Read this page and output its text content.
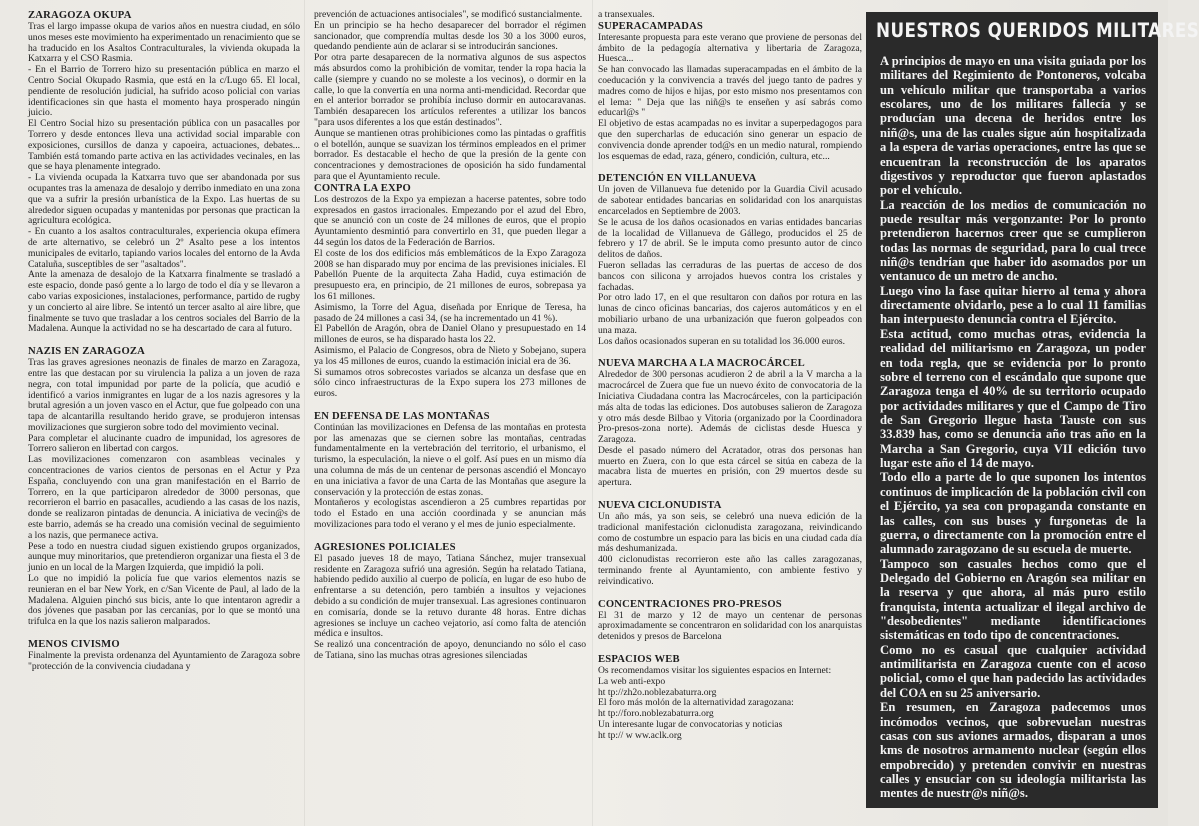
ZARAGOZA OKUPA

Tras el largo impasse okupa de varios años en nuestra ciudad, en sólo unos meses este movimiento ha experimentado un renacimiento que se ha traducido en los Asaltos Contraculturales, la vivienda okupada la Katxarra y el CSO Rasmia.

- En el Barrio de Torrero hizo su presentación pública en marzo el Centro Social Okupado Rasmia, que está en la c/Lugo 65. El local, pendiente de resolución judicial, ha sufrido acoso policial con varias identificaciones sin que hasta el momento haya prosperado ningún juicio.

El Centro Social hizo su presentación pública con un pasacalles por Torrero y desde entonces lleva una actividad social imparable con exposiciones, cursillos de danza y capoeira, actuaciones, debates... También está tomando parte activa en las actividades vecinales, en las que se haya plenamente integrado.

- La vivienda ocupada la Katxarra tuvo que ser abandonada por sus ocupantes tras la amenaza de desalojo y derribo inmediato en una zona que va a sufrir la presión urbanística de la Expo. Las huertas de su alrededor siguen ocupadas y mantenidas por personas que practican la agricultura ecológica.

- En cuanto a los asaltos contraculturales, experiencia okupa efímera de arte alternativo, se celebró un 2º Asalto pese a los intentos municipales de evitarlo, tapiando varios locales del entorno de la Avda Cataluña, susceptibles de ser "asaltados".

Ante la amenaza de desalojo de la Katxarra finalmente se trasladó a este espacio, donde pasó gente a lo largo de todo el día y se llevaron a cabo varias exposiciones, instalaciones, performance, partido de rugby y un concierto al aire libre. Se intentó un tercer asalto al aire libre, que finalmente se tuvo que trasladar a los centros sociales del Barrio de la Madalena. Aunque la actividad no se ha descartado de cara al futuro.

NAZIS EN ZARAGOZA

Tras las graves agresiones neonazis de finales de marzo en Zaragoza, entre las que destacan por su virulencia la paliza a un joven de raza negra, con total impunidad por parte de la policía, que acudió e identificó a varios inmigrantes en lugar de a los nazis agresores y la brutal agresión a un joven vasco en el Actur, que fue golpeado con una tapa de alcantarilla resultando herido grave, se produjeron intensas movilizaciones que surgieron sobre todo del movimiento vecinal.

Para completar el alucinante cuadro de impunidad, los agresores de Torrero salieron en libertad con cargos.

Las movilizaciones comenzaron con asambleas vecinales y concentraciones de varios cientos de personas en el Actur y Pza España, concluyendo con una gran manifestación en el Barrio de Torrero, en la que participaron alrededor de 3000 personas, que recorrieron el barrio en pasacalles, acudiendo a las casas de los nazis, donde se realizaron pintadas de denuncia. A iniciativa de vecin@s de este barrio, además se ha creado una comisión vecinal de seguimiento a los nazis, que permanece activa.

Pese a todo en nuestra ciudad siguen existiendo grupos organizados, aunque muy minoritarios, que pretendieron organizar una fiesta el 3 de junio en un local de la Margen Izquierda, que impidió la poli.

Lo que no impidió la policía fue que varios elementos nazis se reunieran en el bar New York, en c/San Vicente de Paul, al lado de la Madalena. Alguien pinchó sus bicis, ante lo que intentaron agredir a dos jóvenes que pasaban por las cercanías, por lo que se montó una trifulca en la que los nazis salieron malparados.

MENOS CIVISMO

Finalmente la prevista ordenanza del Ayuntamiento de Zaragoza sobre "protección de la convivencia ciudadana y

prevención de actuaciones antisociales", se modificó sustancialmente.

En un principio se ha hecho desaparecer del borrador el régimen sancionador, que comprendía multas desde los 30 a los 3000 euros, quedando pendiente aún de aclarar si se introducirán sanciones.

Por otra parte desaparecen de la normativa algunos de sus aspectos más absurdos como la prohibición de vomitar, tender la ropa hacia la calle (siempre y cuando no se moleste a los vecinos), o dormir en la calle, lo que la convertía en una norma anti-mendicidad. Recordar que en el anterior borrador se prohibía incluso dormir en autocaravanas. También desaparecen los artículos referentes a utilizar los bancos "para usos diferentes a los que están destinados".

Aunque se mantienen otras prohibiciones como las pintadas o graffitis o el botellón, aunque se suavizan los términos empleados en el primer borrador. Es destacable el hecho de que la presión de la gente con concentraciones y demostraciones de oposición ha sido fundamental para que el Ayuntamiento recule.

CONTRA LA EXPO

Los destrozos de la Expo ya empiezan a hacerse patentes, sobre todo expresados en gastos irracionales. Empezando por el azud del Ebro, que se anunció con un coste de 24 millones de euros, que el propio Ayuntamiento desmintió para convertirlo en 31, que pueden llegar a 44 según los datos de la Federación de Barrios.

El coste de los dos edificios más emblemáticos de la Expo Zaragoza 2008 se han disparado muy por encima de las previsiones iniciales. El Pabellón Puente de la arquitecta Zaha Hadid, cuya estimación de presupuesto era, en principio, de 21 millones de euros, sobrepasa ya los 61 millones.

Asimismo, la Torre del Agua, diseñada por Enrique de Teresa, ha pasado de 24 millones a casi 34, (se ha incrementado un 41 %).

El Pabellón de Aragón, obra de Daniel Olano y presupuestado en 14 millones de euros, se ha disparado hasta los 22.

Asimismo, el Palacio de Congresos, obra de Nieto y Sobejano, supera ya los 45 millones de euros, cuando la estimación inicial era de 36.

Si sumamos otros sobrecostes variados se alcanza un desfase que en sólo cinco infraestructuras de la Expo supera los 273 millones de euros.

EN DEFENSA DE LAS MONTAÑAS

Continúan las movilizaciones en Defensa de las montañas en protesta por las amenazas que se ciernen sobre las montañas, centradas fundamentalmente en la vertebración del territorio, el urbanismo, el turismo, la especulación, la nieve o el golf. Así pues en un mismo día una columna de más de un centenar de personas ascendió el Moncayo en una iniciativa a favor de una Carta de las Montañas que asegure la conservación y la protección de estas zonas.

Montañeros y ecologistas ascendieron a 25 cumbres repartidas por todo el Estado en una acción coordinada y se anuncian más movilizaciones para todo el verano y el mes de junio especialmente.

AGRESIONES POLICIALES

El pasado jueves 18 de mayo, Tatiana Sánchez, mujer transexual residente en Zaragoza sufrió una agresión. Según ha relatado Tatiana, habiendo pedido auxilio al cuerpo de policía, en lugar de eso hubo de enfrentarse a su detención, pero también a insultos y vejaciones debido a su condición de mujer transexual. Las agresiones continuaron en comisaría, donde se la retuvo durante 48 horas. Entre dichas agresiones se incluye un cacheo vejatorio, así como falta de atención médica e insultos.

Se realizó una concentración de apoyo, denunciando no sólo el caso de Tatiana, sino las muchas otras agresiones silenciadas

a transexuales.

SUPERACAMPADAS

Interesante propuesta para este verano que proviene de personas del ámbito de la pedagogía alternativa y libertaria de Zaragoza, Huesca...

Se han convocado las llamadas superacampadas en el ámbito de la coeducación y la convivencia a través del juego tanto de padres y madres como de hijos e hijas, por esto mismo nos presentamos con el lema: " Deja que las niñ@s te enseñen y así sabrás como educarl@s "

El objetivo de estas acampadas no es invitar a superpedagogos para que den supercharlas de educación sino generar un espacio de convivencia donde aprender tod@s en un medio natural, rompiendo los esquemas de edad, raza, género, condición, cultura, etc...

DETENCIÓN EN VILLANUEVA

Un joven de Villanueva fue detenido por la Guardia Civil acusado de sabotear entidades bancarias en solidaridad con los anarquistas encarcelados en Septiembre de 2003.

Se le acusa de los daños ocasionados en varias entidades bancarias de la localidad de Villanueva de Gállego, producidos el 25 de febrero y 17 de abril. Se le imputa como presunto autor de cinco delitos de daños.

Fueron selladas las cerraduras de las puertas de acceso de dos bancos con silicona y arrojados huevos contra los cristales y fachadas.

Por otro lado 17, en el que resultaron con daños por rotura en las lunas de cinco oficinas bancarias, dos cajeros automáticos y en el mobiliario urbano de una urbanización que fueron golpeados con una maza.

Los daños ocasionados superan en su totalidad los 36.000 euros.

NUEVA MARCHA A LA MACROCÁRCEL

Alrededor de 300 personas acudieron 2 de abril a la V marcha a la macrocárcel de Zuera que fue un nuevo éxito de convocatoria de la Iniciativa Ciudadana contra las Macrocárceles, con la participación más alta de todas las ediciones. Dos autobuses salieron de Zaragoza y otro más desde Bilbao y Vitoria (organizado por la Coordinadora Pro-presos-zona norte). Además de ciclistas desde Huesca y Zaragoza.

Desde el pasado número del Acratador, otras dos personas han muerto en Zuera, con lo que esta cárcel se sitúa en cabeza de la macabra lista de muertes en prisión, con 29 muertos desde su apertura.

NUEVA CICLONUDISTA

Un año más, ya son seis, se celebró una nueva edición de la tradicional manifestación ciclonudista zaragozana, reivindicando como de costumbre un espacio para las bicis en una ciudad cada día más deshumanizada.

400 ciclonudistas recorrieron este año las calles zaragozanas, terminando frente al Ayuntamiento, con ambiente festivo y reivindicativo.

CONCENTRACIONES PRO-PRESOS

El 31 de marzo y 12 de mayo un centenar de personas aproximadamente se concentraron en solidaridad con los anarquistas detenidos y presos de Barcelona

ESPACIOS WEB

Os recomendamos visitar los siguientes espacios en Internet:

La web anti-expo

ht tp://zh2o.noblezabaturra.org

El foro más molón de la alternatividad zaragozana:

ht tp://foro.noblezabaturra.org

Un interesante lugar de convocatorias y noticias

ht tp:// w ww.aclk.org

NUESTROS QUERIDOS MILITARES

A principios de mayo en una visita guiada por los militares del Regimiento de Pontoneros, volcaba un vehículo militar que transportaba a varios escolares, uno de los militares fallecía y se producían una decena de heridos entre los niñ@s, una de las cuales sigue aún hospitalizada a la espera de varias operaciones, entre las que se encuentran la reconstrucción de los aparatos digestivos y reproductor que fueron aplastados por el vehículo.

La reacción de los medios de comunicación no puede resultar más vergonzante: Por lo pronto pretendieron hacernos creer que se cumplieron todas las normas de seguridad, para lo cual trece niñ@s tendrían que haber ido asomados por un ventanuco de un metro de ancho.

Luego vino la fase quitar hierro al tema y ahora directamente olvidarlo, pese a lo cual 11 familias han interpuesto denuncia contra el Ejército.

Esta actitud, como muchas otras, evidencia la realidad del militarismo en Zaragoza, un poder en toda regla, que se evidencia por lo pronto sobre el terreno con el escándalo que supone que Zaragoza tenga el 40% de su territorio ocupado por actividades militares y que el Campo de Tiro de San Gregorio llegue hasta Tauste con sus 33.839 has, como se denuncia año tras año en la Marcha a San Gregorio, cuya VII edición tuvo lugar este año el 14 de mayo.

Todo ello a parte de lo que suponen los intentos continuos de implicación de la población civil con el Ejército, ya sea con propaganda constante en las calles, con sus buses y furgonetas de la guerra, o directamente con la promoción entre el alumnado zaragozano de su escuela de muerte.

Tampoco son casuales hechos como que el Delegado del Gobierno en Aragón sea militar en la reserva y que ahora, al más puro estilo franquista, intenta actualizar el ilegal archivo de "desobedientes" mediante identificaciones sistemáticas en todo tipo de concentraciones.

Como no es casual que cualquier actividad antimilitarista en Zaragoza cuente con el acoso policial, como el que han padecido las actividades del COA en su 25 aniversario.

En resumen, en Zaragoza padecemos unos incómodos vecinos, que sobrevuelan nuestras casas con sus aviones armados, disparan a unos kms de nosotros armamento nuclear (según ellos empobrecido) y pretenden convivir en nuestras calles y ensuciar con su ideología militarista las mentes de nuestr@s niñ@s.
